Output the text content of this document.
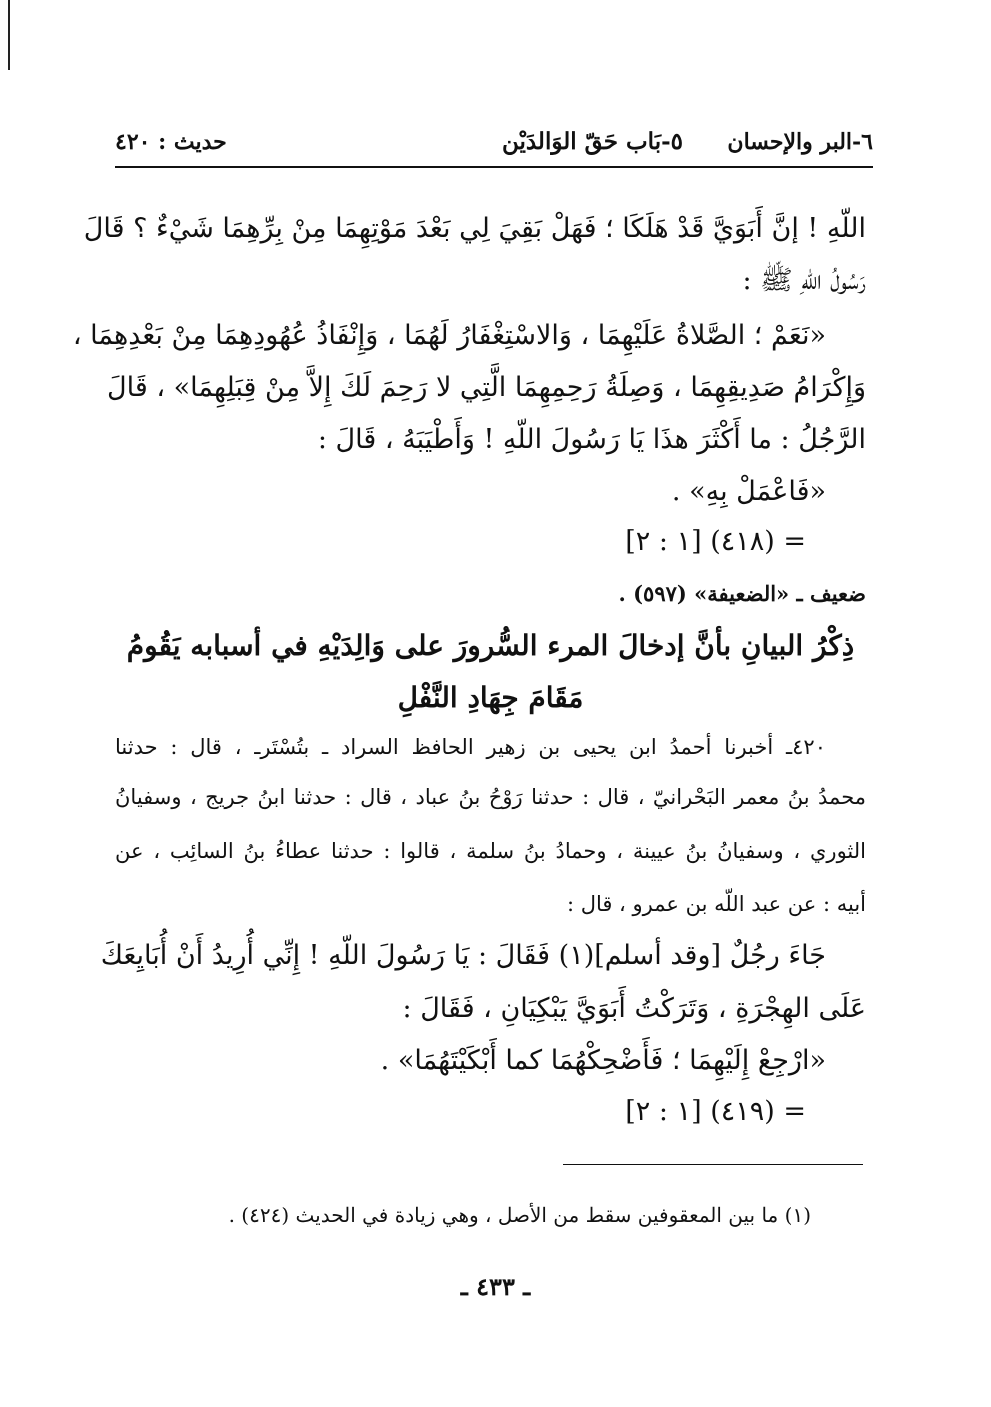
٦-البر والإحسان
٥-بَاب حَقّ الوَالدَيْن
حديث : ٤٢٠
اللّهِ ! إنَّ أَبَوَيَّ قَدْ هَلَكَا ؛ فَهَلْ بَقِيَ لِي بَعْدَ مَوْتِهِمَا مِنْ بِرِّهِمَا شَيْءٌ ؟ قَالَ
رَسُولُ اللّهِ ﷺ :
«نَعَمْ ؛ الصَّلاةُ عَلَيْهِمَا ، وَالاسْتِغْفَارُ لَهُمَا ، وَإِنْفَاذُ عُهُودِهِمَا مِنْ بَعْدِهِمَا ،
وَإِكْرَامُ صَدِيقِهِمَا ، وَصِلَةُ رَحِمِهِمَا الَّتِي لا رَحِمَ لَكَ إِلاَّ مِنْ قِبَلِهِمَا» ، قَالَ
الرَّجُلُ : ما أَكْثَرَ هذَا يَا رَسُولَ اللّهِ ! وَأَطْيَبَهُ ، قَالَ :
«فَاعْمَلْ بِهِ» .
= (٤١٨) [١ : ٢]
ضعيف ـ «الضعيفة» (٥٩٧) .
ذِكْرُ البيانِ بأنَّ إدخالَ المرء السُّرورَ على وَالِدَيْهِ في أسبابه يَقُومُ
مَقَامَ جِهَادِ النَّفْلِ
٤٢٠ـ أخبرنا أحمدُ ابن يحيى بن زهير الحافظ السراد ـ بتُسْتَرـ ، قال : حدثنا
محمدُ بنُ معمر البَحْرانيّ ، قال : حدثنا رَوْحُ بنُ عباد ، قال : حدثنا ابنُ جريج ، وسفيانُ
الثوري ، وسفيانُ بنُ عيينة ، وحمادُ بنُ سلمة ، قالوا : حدثنا عطاءُ بنُ السائِب ، عن
أبيه : عن عبد اللّه بن عمرو ، قال :
جَاءَ رجُلٌ [وقد أسلم](١) فَقَالَ : يَا رَسُولَ اللّهِ ! إِنِّي أُرِيدُ أَنْ أُبَايِعَكَ
عَلَى الهِجْرَةِ ، وَتَرَكْتُ أَبَوَيَّ يَبْكِيَانِ ، فَقَالَ :
«ارْجِعْ إِلَيْهِمَا ؛ فَأَضْحِكْهُمَا كما أَبْكَيْتَهُمَا» .
= (٤١٩) [١ : ٢]
(١) ما بين المعقوفين سقط من الأصل ، وهي زيادة في الحديث (٤٢٤) .
ـ ٤٣٣ ـ
